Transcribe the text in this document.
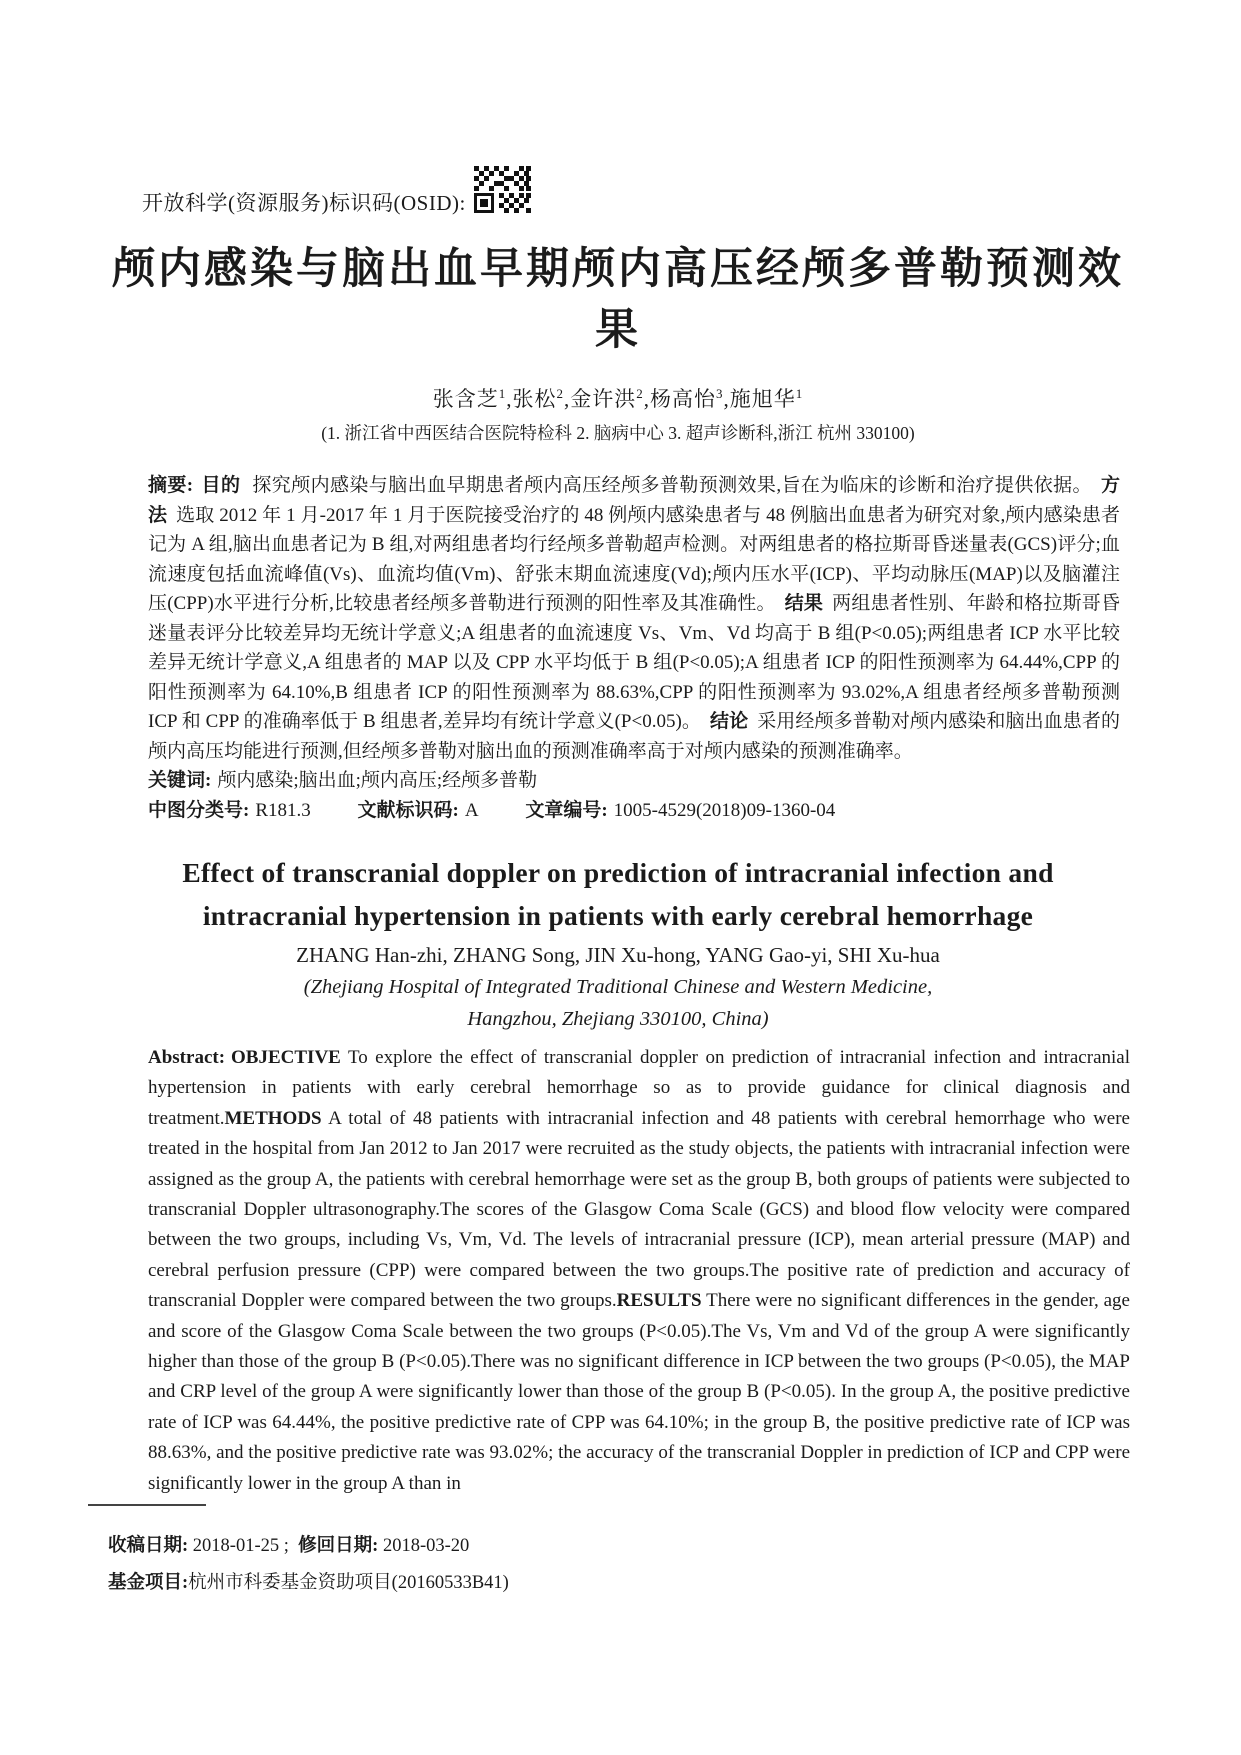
开放科学(资源服务)标识码(OSID):
颅内感染与脑出血早期颅内高压经颅多普勒预测效果
张含芝$^1$,张松$^2$,金许洪$^2$,杨高怡$^3$,施旭华$^1$
(1. 浙江省中西医结合医院特检科 2. 脑病中心 3. 超声诊断科,浙江 杭州 330100)

摘要: 目的 探究颅内感染与脑出血早期患者颅内高压经颅多普勒预测效果,旨在为临床的诊断和治疗提供依据。 方法 选取 2012 年 1 月-2017 年 1 月于医院接受治疗的 48 例颅内感染患者与 48 例脑出血患者为研究对象,颅内感染患者记为 A 组,脑出血患者记为 B 组,对两组患者均行经颅多普勒超声检测。对两组患者的格拉斯哥昏迷量表(GCS)评分;血流速度包括血流峰值(Vs)、血流均值(Vm)、舒张末期血流速度(Vd);颅内压水平(ICP)、平均动脉压(MAP)以及脑灌注压(CPP)水平进行分析,比较患者经颅多普勒进行预测的阳性率及其准确性。 结果 两组患者性别、年龄和格拉斯哥昏迷量表评分比较差异均无统计学意义;A 组患者的血流速度 Vs、Vm、Vd 均高于 B 组(P<0.05);两组患者 ICP 水平比较差异无统计学意义,A 组患者的 MAP 以及 CPP 水平均低于 B 组(P<0.05);A 组患者 ICP 的阳性预测率为 64.44%,CPP 的阳性预测率为 64.10%,B 组患者 ICP 的阳性预测率为 88.63%,CPP 的阳性预测率为 93.02%,A 组患者经颅多普勒预测 ICP 和 CPP 的准确率低于 B 组患者,差异均有统计学意义(P<0.05)。 结论 采用经颅多普勒对颅内感染和脑出血患者的颅内高压均能进行预测,但经颅多普勒对脑出血的预测准确率高于对颅内感染的预测准确率。

关键词: 颅内感染;脑出血;颅内高压;经颅多普勒
中图分类号: R181.3 文献标识码: A 文章编号: 1005-4529(2018)09-1360-04
Effect of transcranial doppler on prediction of intracranial infection and
intracranial hypertension in patients with early cerebral hemorrhage
ZHANG Han-zhi, ZHANG Song, JIN Xu-hong, YANG Gao-yi, SHI Xu-hua
(Zhejiang Hospital of Integrated Traditional Chinese and Western Medicine,
Hangzhou, Zhejiang 330100, China)

Abstract: OBJECTIVE To explore the effect of transcranial doppler on prediction of intracranial infection and intracranial hypertension in patients with early cerebral hemorrhage so as to provide guidance for clinical diagnosis and treatment.METHODS A total of 48 patients with intracranial infection and 48 patients with cerebral hemorrhage who were treated in the hospital from Jan 2012 to Jan 2017 were recruited as the study objects, the patients with intracranial infection were assigned as the group A, the patients with cerebral hemorrhage were set as the group B, both groups of patients were subjected to transcranial Doppler ultrasonography.The scores of the Glasgow Coma Scale (GCS) and blood flow velocity were compared between the two groups, including Vs, Vm, Vd. The levels of intracranial pressure (ICP), mean arterial pressure (MAP) and cerebral perfusion pressure (CPP) were compared between the two groups.The positive rate of prediction and accuracy of transcranial Doppler were compared between the two groups.RESULTS There were no significant differences in the gender, age and score of the Glasgow Coma Scale between the two groups (P<0.05).The Vs, Vm and Vd of the group A were significantly higher than those of the group B (P<0.05).There was no significant difference in ICP between the two groups (P<0.05), the MAP and CRP level of the group A were significantly lower than those of the group B (P<0.05). In the group A, the positive predictive rate of ICP was 64.44%, the positive predictive rate of CPP was 64.10%; in the group B, the positive predictive rate of ICP was 88.63%, and the positive predictive rate was 93.02%; the accuracy of the transcranial Doppler in prediction of ICP and CPP were significantly lower in the group A than in

收稿日期: 2018-01-25 ; 修回日期: 2018-03-20
基金项目:杭州市科委基金资助项目(20160533B41)
